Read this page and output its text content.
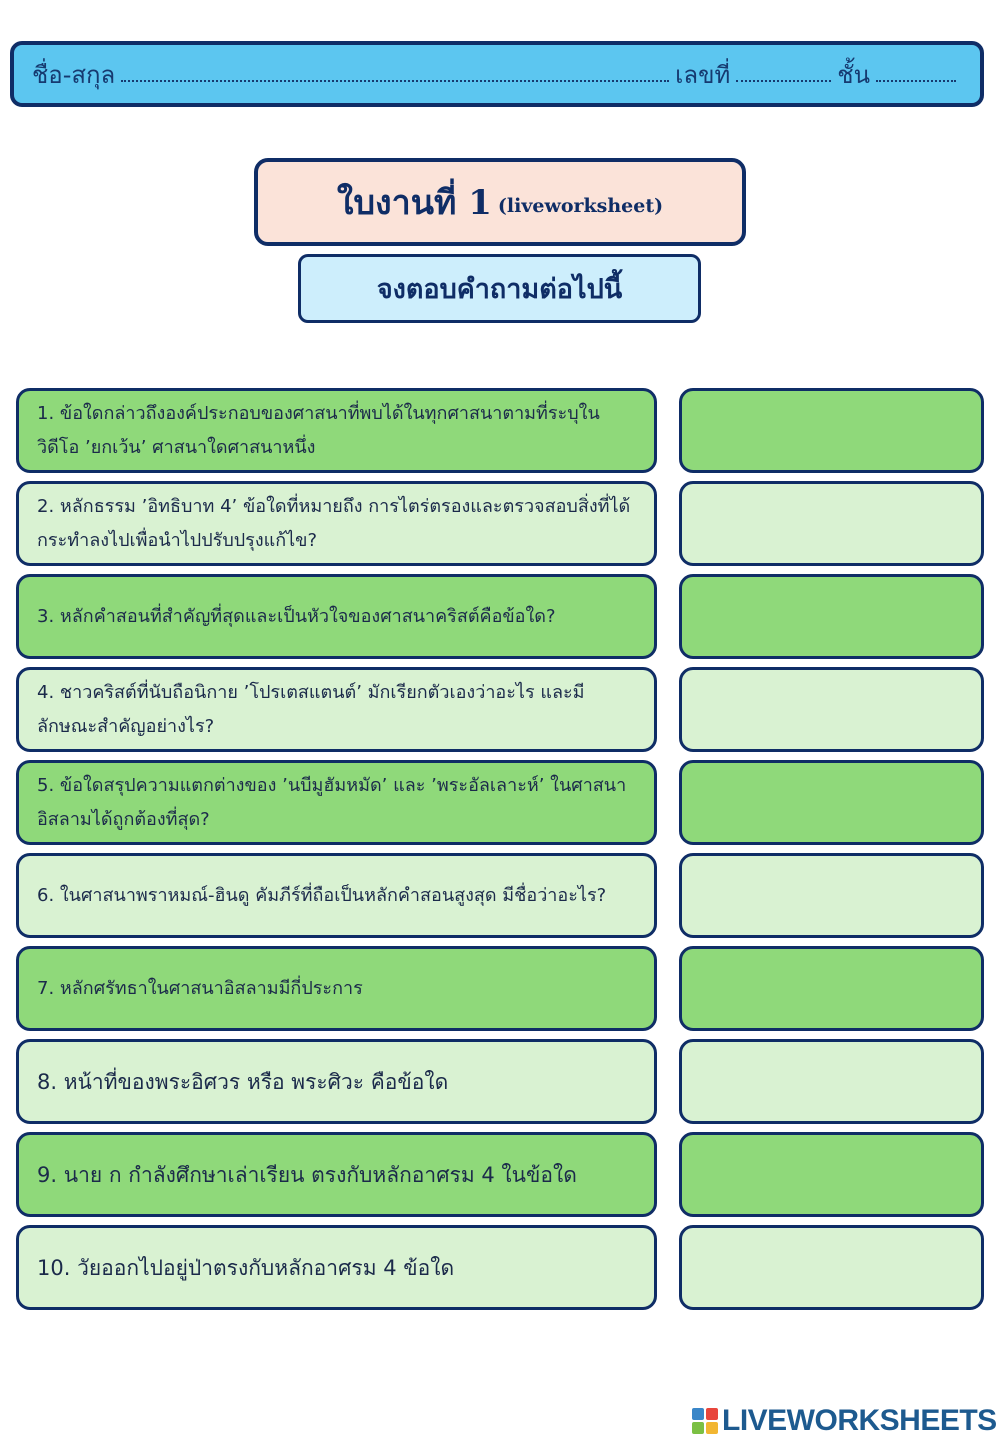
ชื่อ-สกุล	เลขที่	ชั้น
ใบงานที่ 1 (liveworksheet)
จงตอบคำถามต่อไปนี้
1. ข้อใดกล่าวถึงองค์ประกอบของศาสนาที่พบได้ในทุกศาสนาตามที่ระบุในวิดีโอ ’ยกเว้น’ ศาสนาใดศาสนาหนึ่ง
2. หลักธรรม ’อิทธิบาท 4’ ข้อใดที่หมายถึง การไตร่ตรองและตรวจสอบสิ่งที่ได้กระทำลงไปเพื่อนำไปปรับปรุงแก้ไข?
3. หลักคำสอนที่สำคัญที่สุดและเป็นหัวใจของศาสนาคริสต์คือข้อใด?
4. ชาวคริสต์ที่นับถือนิกาย ’โปรเตสแตนต์’ มักเรียกตัวเองว่าอะไร และมีลักษณะสำคัญอย่างไร?
5. ข้อใดสรุปความแตกต่างของ ’นบีมูฮัมหมัด’ และ ’พระอัลเลาะห์’ ในศาสนาอิสลามได้ถูกต้องที่สุด?
6. ในศาสนาพราหมณ์-ฮินดู คัมภีร์ที่ถือเป็นหลักคำสอนสูงสุด มีชื่อว่าอะไร?
7. หลักศรัทธาในศาสนาอิสลามมีกี่ประการ
8. หน้าที่ของพระอิศวร หรือ พระศิวะ คือข้อใด
9. นาย ก กำลังศึกษาเล่าเรียน ตรงกับหลักอาศรม 4 ในข้อใด
10. วัยออกไปอยู่ป่าตรงกับหลักอาศรม 4 ข้อใด
LIVEWORKSHEETS
